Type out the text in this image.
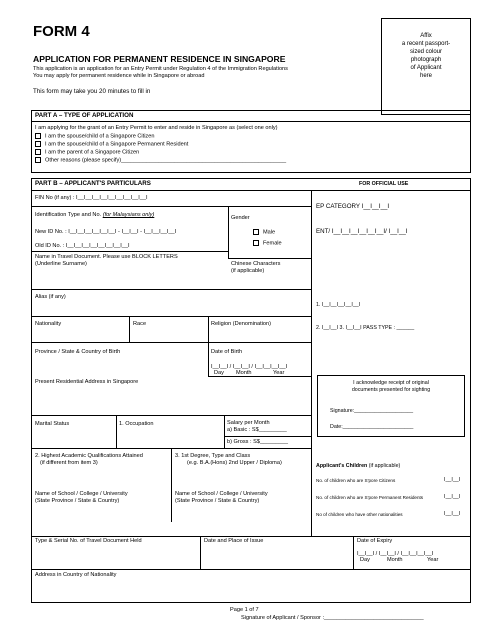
FORM 4
APPLICATION FOR PERMANENT RESIDENCE IN SINGAPORE
This application is an application for an Entry Permit under Regulation 4 of the Immigration Regulations
You may apply for permanent residence while in Singapore or abroad
This form may take you 20 minutes to fill in
Affix
a recent passport-
sized colour
photograph
of Applicant
here
PART A – TYPE OF APPLICATION
I am applying for the grant of an Entry Permit to enter and reside in Singapore as (select one only)
I am the spouse/child of a Singapore Citizen
I am the spouse/child of a Singapore Permanent Resident
I am the parent of a Singapore Citizen
Other reasons (please specify)_____________________________________________________
PART B – APPLICANT'S PARTICULARS	FOR OFFICIAL USE
FIN No (if any) : I__I__I__I__I__I__I__I__I__I
Identification Type and No. (for Malaysians only)	Gender
New ID No. : I__I__I__I__I__I__I - I__I__I - I__I__I__I__I
Old ID No. : I__I__I__I__I__I__I__I__I
Male
Female
Name in Travel Document. Please use BLOCK LETTERS
(Underline Surname)	Chinese Characters
(if applicable)
Alias (if any)
Nationality	Race	Religion (Denomination)
Province / State & Country of Birth	Date of Birth
I__I__I / I__I__I / I__I__I__I__I
Day Month	Year
Present Residential Address in Singapore
Marital Status	1. Occupation	Salary per Month
a) Basic : S$_________
b) Gross : S$_________
2. Highest Academic Qualifications Attained
(if different from item 3)
3. 1st Degree, Type and Class
(e.g. B.A.(Hons) 2nd Upper / Diploma)
Name of School / College / University
(State Province / State & Country)
Name of School / College / University
(State Province / State & Country)
Type & Serial No. of Travel Document Held	Date and Place of Issue	Date of Expiry
I__I__I / I__I__I / I__I__I__I__I
Day	Month	Year
Address in Country of Nationality
EP CATEGORY I__I__I__I
ENT/ I__I__I__I__I__I__I/ I__I__I
1. I__I__I__I__I__I
2. I__I__I 3. I__I__I PASS TYPE : ______
I acknowledge receipt of original
documents presented for sighting
Signature:____________________
Date:________________________
Applicant's Children (if applicable)
No. of children who are S'pore Citizens	I__I__I
No. of children who are S'pore Permanent Residents	I__I__I
No of children who have other nationalities	I__I__I
Page 1 of 7
Signature of Applicant / Sponsor :________________________________
